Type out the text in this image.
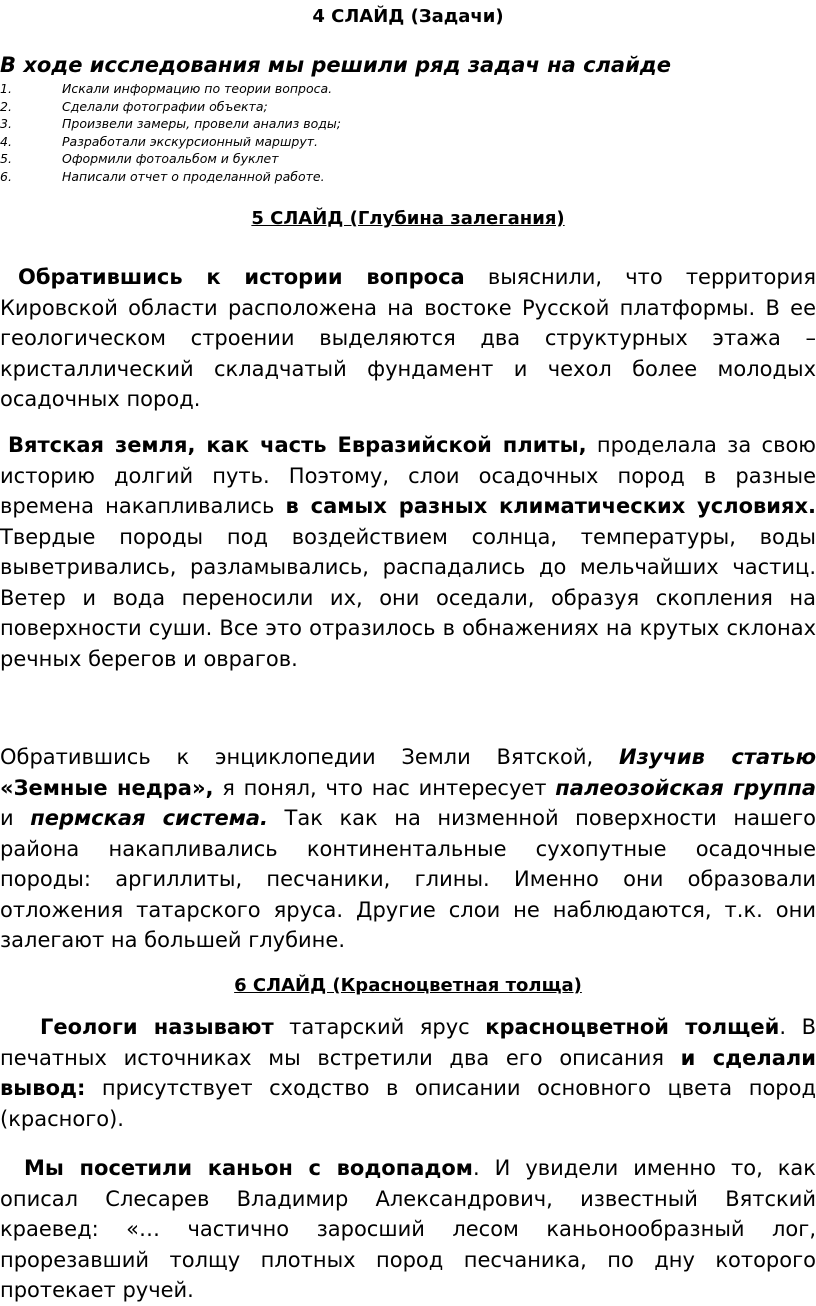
4 СЛАЙД (Задачи)
В ходе исследования мы решили ряд задач на слайде
1.	Искали информацию по теории вопроса.
2.	Сделали фотографии объекта;
3.	Произвели замеры, провели анализ воды;
4.	Разработали экскурсионный маршрут.
5.	Оформили фотоальбом и буклет
6.	Написали отчет о проделанной работе.
5 СЛАЙД (Глубина залегания)

Обратившись к истории вопроса выяснили, что территория Кировской области расположена на востоке Русской платформы. В ее геологическом строении выделяются два структурных этажа – кристаллический складчатый фундамент и чехол более молодых осадочных пород.

Вятская земля, как часть Евразийской плиты, проделала за свою историю долгий путь. Поэтому, слои осадочных пород в разные времена накапливались в самых разных климатических условиях. Твердые породы под воздействием солнца, температуры, воды выветривались, разламывались, распадались до мельчайших частиц. Ветер и вода переносили их, они оседали, образуя скопления на поверхности суши. Все это отразилось в обнажениях на крутых склонах речных берегов и оврагов.

Обратившись к энциклопедии Земли Вятской, Изучив статью «Земные недра», я понял, что нас интересует палеозойская группа и пермская система. Так как на низменной поверхности нашего района накапливались континентальные сухопутные осадочные породы: аргиллиты, песчаники, глины. Именно они образовали отложения татарского яруса. Другие слои не наблюдаются, т.к. они залегают на большей глубине.

6 СЛАЙД (Красноцветная толща)

Геологи называют татарский ярус красноцветной толщей. В печатных источниках мы встретили два его описания и сделали вывод: присутствует сходство в описании основного цвета пород (красного).

Мы посетили каньон с водопадом. И увидели именно то, как описал Слесарев Владимир Александрович, известный Вятский краевед: «… частично заросший лесом каньонообразный лог, прорезавший толщу плотных пород песчаника, по дну которого протекает ручей.
